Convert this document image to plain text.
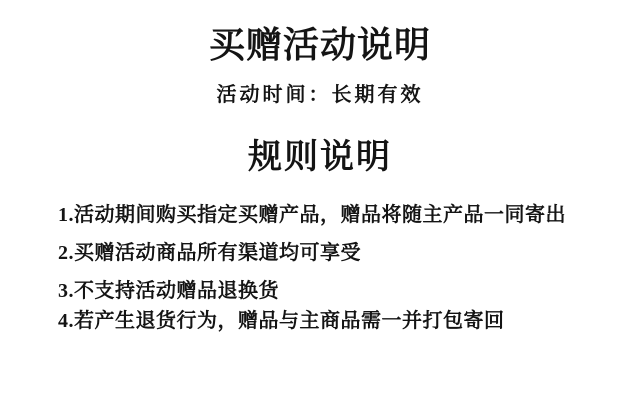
买赠活动说明

活动时间：长期有效

规则说明

1.活动期间购买指定买赠产品，赠品将随主产品一同寄出

2.买赠活动商品所有渠道均可享受

3.不支持活动赠品退换货

4.若产生退货行为，赠品与主商品需一并打包寄回
